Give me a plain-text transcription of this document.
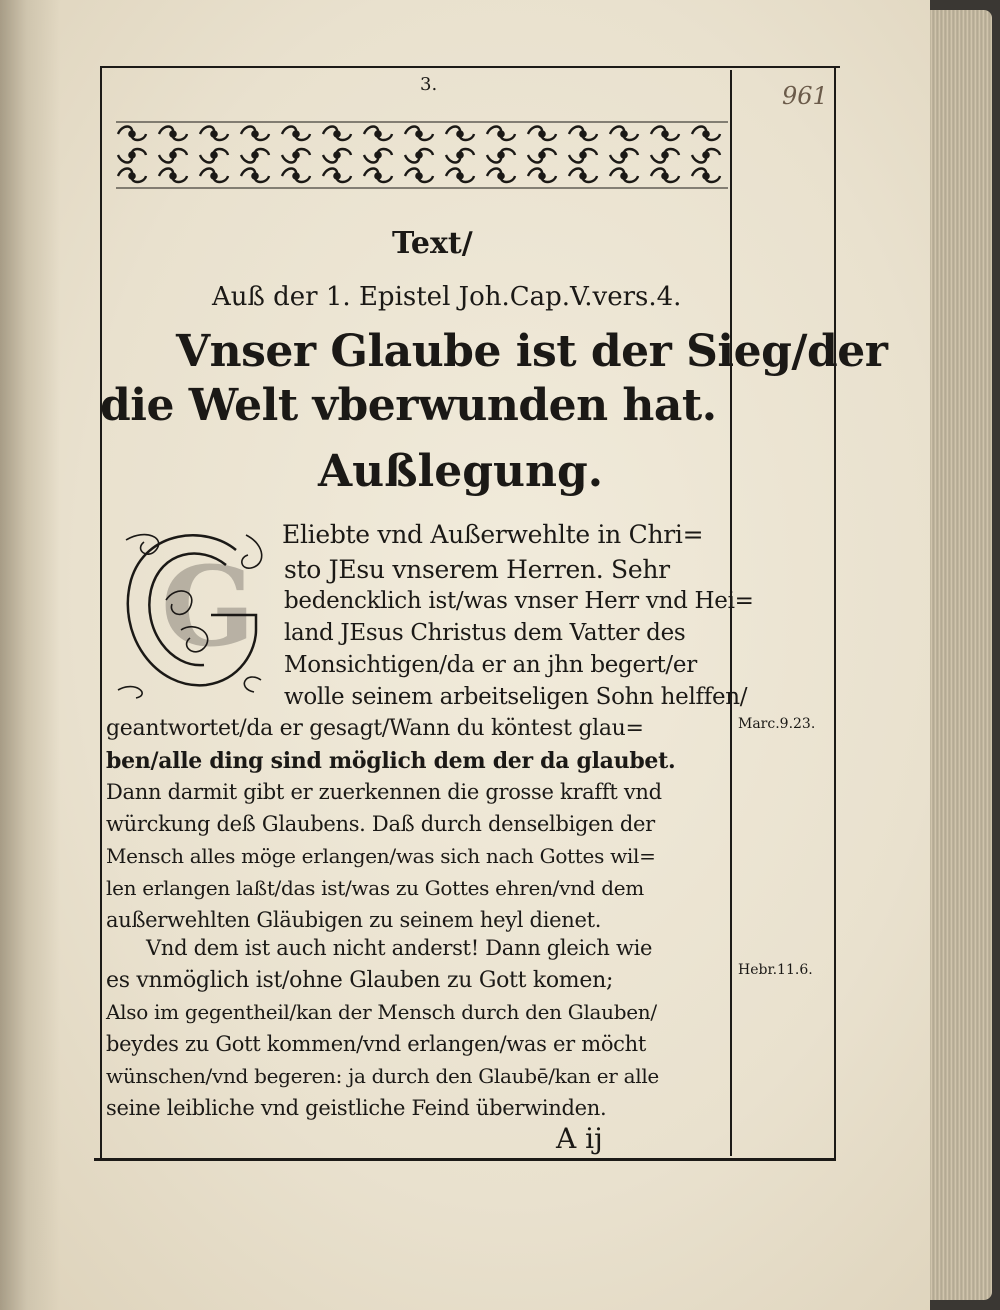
3.	961
Text/
Auß der 1. Epistel Joh.Cap.V.vers.4.
Vnser Glaube ist der Sieg/der
die Welt vberwunden hat.
Außlegung.
G
Eliebte vnd Außerwehlte in Chri=
sto JEsu vnserem Herren. Sehr
bedencklich ist/was vnser Herr vnd Hei=
land JEsus Christus dem Vatter des
Monsichtigen/da er an jhn begert/er
wolle seinem arbeitseligen Sohn helffen/
geantwortet/da er gesagt/Wann du köntest glau=
ben/alle ding sind möglich dem der da glaubet.
Dann darmit gibt er zuerkennen die grosse krafft vnd
würckung deß Glaubens. Daß durch denselbigen der
Mensch alles möge erlangen/was sich nach Gottes wil=
len erlangen laßt/das ist/was zu Gottes ehren/vnd dem
außerwehlten Gläubigen zu seinem heyl dienet.
Vnd dem ist auch nicht anderst! Dann gleich wie
es vnmöglich ist/ohne Glauben zu Gott komen;
Also im gegentheil/kan der Mensch durch den Glauben/
beydes zu Gott kommen/vnd erlangen/was er möcht
wünschen/vnd begeren: ja durch den Glaubē/kan er alle
seine leibliche vnd geistliche Feind überwinden.
A ij
Marc.9.23.
Hebr.11.6.
